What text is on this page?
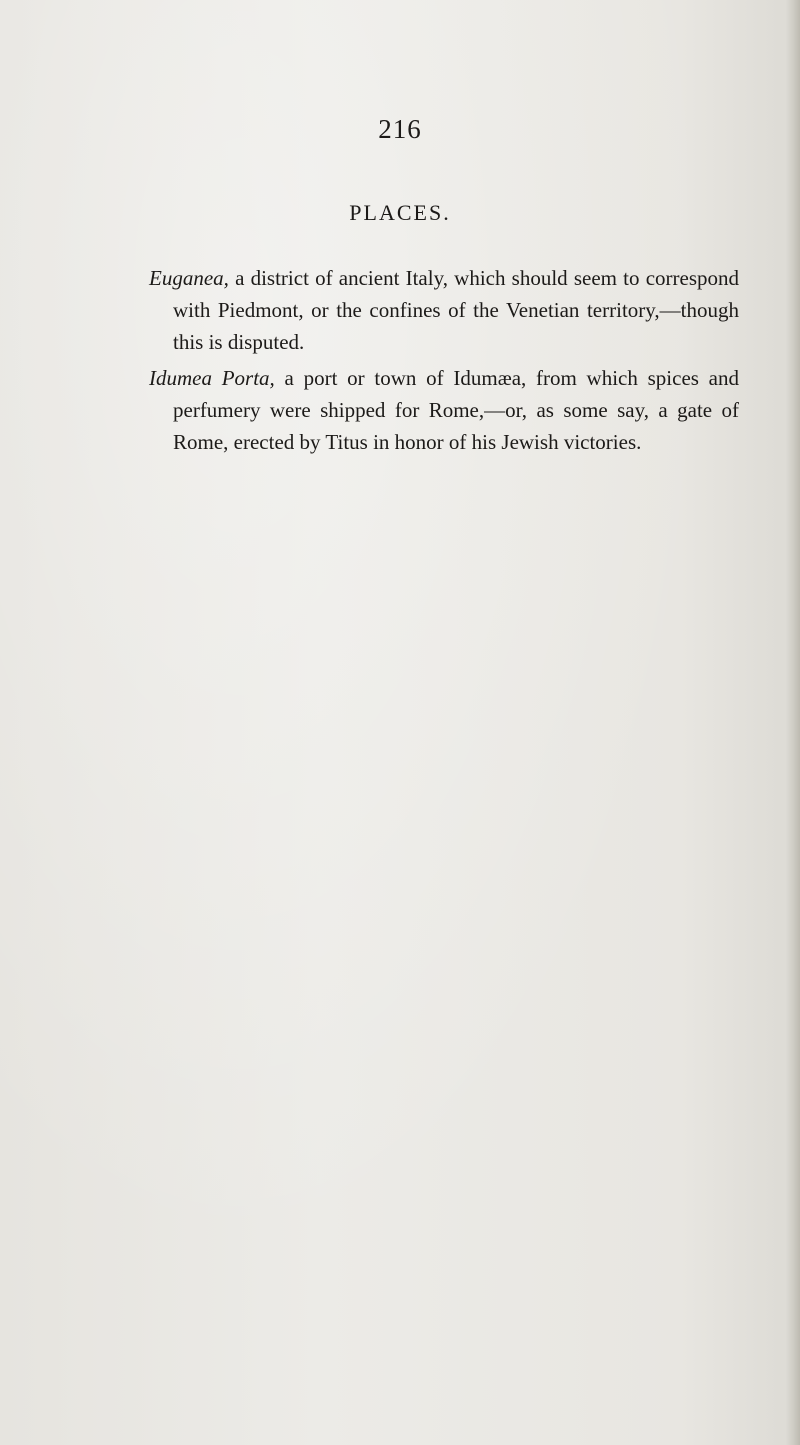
216
PLACES.

Euganea, a district of ancient Italy, which should seem to correspond with Piedmont, or the confines of the Venetian territory,—though this is disputed.

Idumea Porta, a port or town of Idumæa, from which spices and perfumery were shipped for Rome,—or, as some say, a gate of Rome, erected by Titus in honor of his Jewish victories.
